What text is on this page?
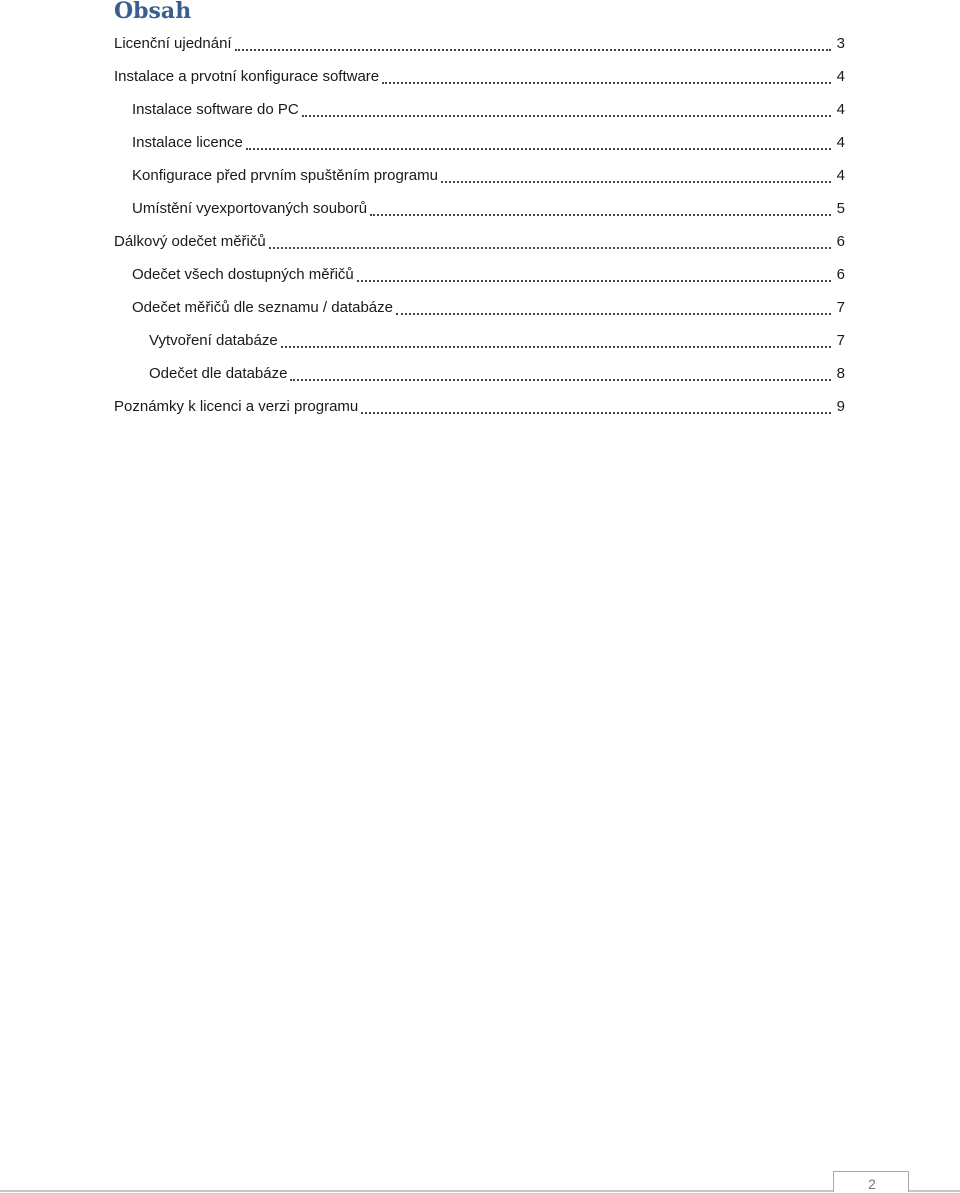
Obsah
Licenční ujednání	3
Instalace a prvotní konfigurace software	4
Instalace software do PC	4
Instalace licence	4
Konfigurace před prvním spuštěním programu	4
Umístění vyexportovaných souborů	5
Dálkový odečet měřičů	6
Odečet všech dostupných měřičů	6
Odečet měřičů dle seznamu / databáze	7
Vytvoření databáze	7
Odečet dle databáze	8
Poznámky k licenci a verzi programu	9
2
